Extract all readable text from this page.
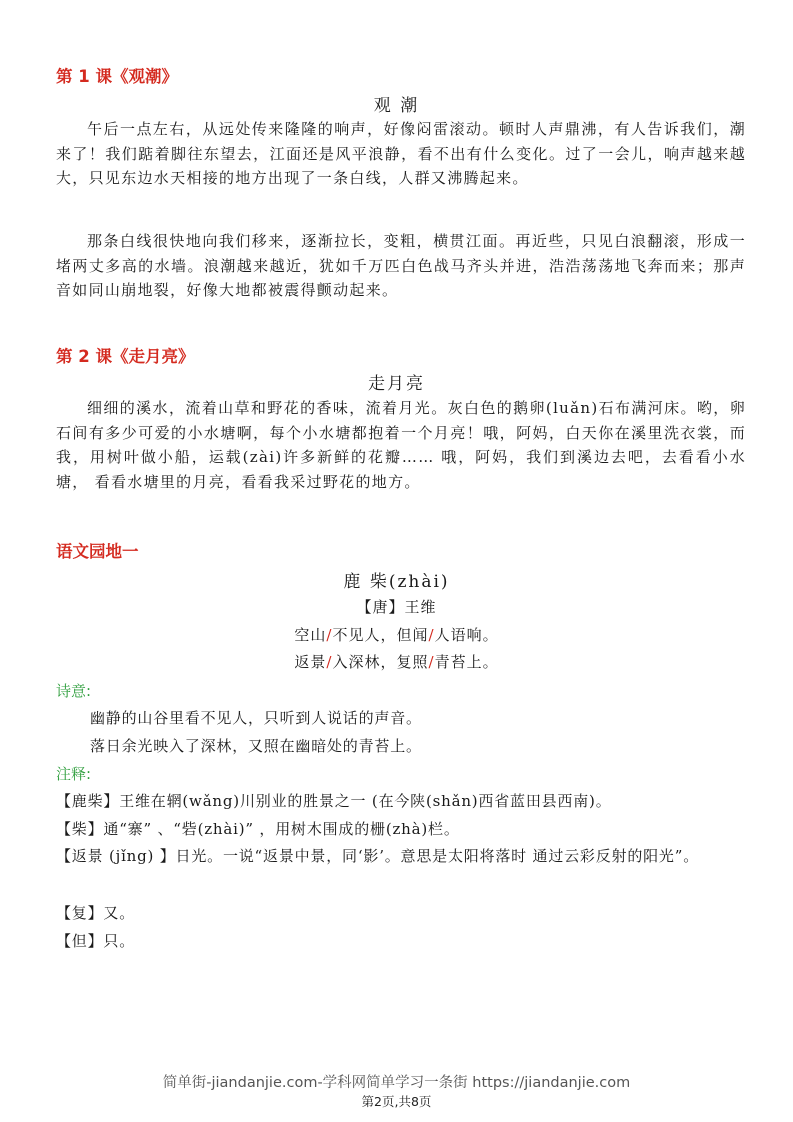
第 1 课《观潮》
观 潮
午后一点左右，从远处传来隆隆的响声，好像闷雷滚动。顿时人声鼎沸，有人告诉我们，潮来了！我们踮着脚往东望去，江面还是风平浪静，看不出有什么变化。过了一会儿，响声越来越大，只见东边水天相接的地方出现了一条白线，人群又沸腾起来。
那条白线很快地向我们移来，逐渐拉长，变粗，横贯江面。再近些，只见白浪翻滚，形成一堵两丈多高的水墙。浪潮越来越近，犹如千万匹白色战马齐头并进，浩浩荡荡地飞奔而来；那声音如同山崩地裂，好像大地都被震得颤动起来。
第 2 课《走月亮》
走月亮
细细的溪水，流着山草和野花的香味，流着月光。灰白色的鹅卵(luǎn)石布满河床。哟，卵石间有多少可爱的小水塘啊，每个小水塘都抱着一个月亮！哦，阿妈，白天你在溪里洗衣裳，而我，用树叶做小船，运载(zài)许多新鲜的花瓣…… 哦，阿妈，我们到溪边去吧，去看看小水塘， 看看水塘里的月亮，看看我采过野花的地方。
语文园地一
鹿 柴(zhài)
【唐】王维
空山/不见人，但闻/人语响。
返景/入深林，复照/青苔上。
诗意:
幽静的山谷里看不见人，只听到人说话的声音。
落日余光映入了深林，又照在幽暗处的青苔上。
注释:
【鹿柴】王维在辋(wǎng)川别业的胜景之一 (在今陕(shǎn)西省蓝田县西南)。
【柴】通“寨” 、“砦(zhài)” ，用树木围成的栅(zhà)栏。
【返景 (jǐng) 】日光。一说“返景中景，同‘影’。意思是太阳将落时 通过云彩反射的阳光”。
【复】又。
【但】只。
简单街-jiandanjie.com-学科网简单学习一条街 https://jiandanjie.com
第2页,共8页
